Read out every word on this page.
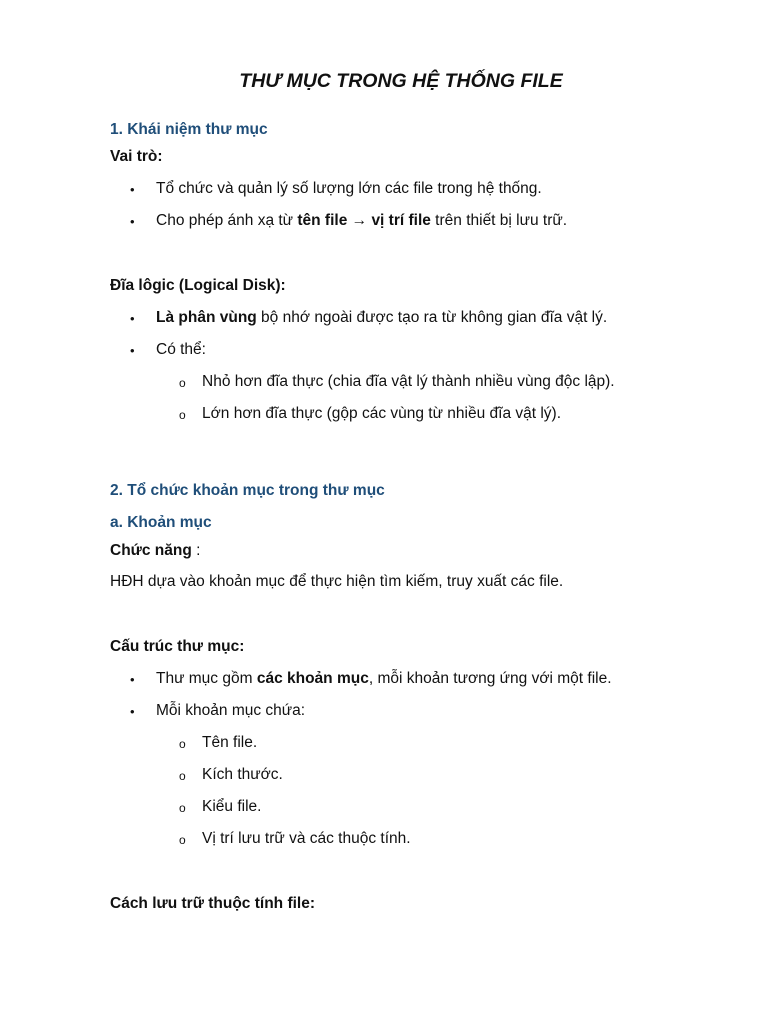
THƯ MỤC TRONG HỆ THỐNG FILE
1. Khái niệm thư mục
Vai trò:
• Tổ chức và quản lý số lượng lớn các file trong hệ thống.
• Cho phép ánh xạ từ tên file → vị trí file trên thiết bị lưu trữ.
Đĩa lôgic (Logical Disk):
• Là phân vùng bộ nhớ ngoài được tạo ra từ không gian đĩa vật lý.
• Có thể:
o Nhỏ hơn đĩa thực (chia đĩa vật lý thành nhiều vùng độc lập).
o Lớn hơn đĩa thực (gộp các vùng từ nhiều đĩa vật lý).
2. Tổ chức khoản mục trong thư mục
a. Khoản mục
Chức năng :
HĐH dựa vào khoản mục để thực hiện tìm kiếm, truy xuất các file.
Cấu trúc thư mục:
• Thư mục gồm các khoản mục, mỗi khoản tương ứng với một file.
• Mỗi khoản mục chứa:
o Tên file.
o Kích thước.
o Kiểu file.
o Vị trí lưu trữ và các thuộc tính.
Cách lưu trữ thuộc tính file:
